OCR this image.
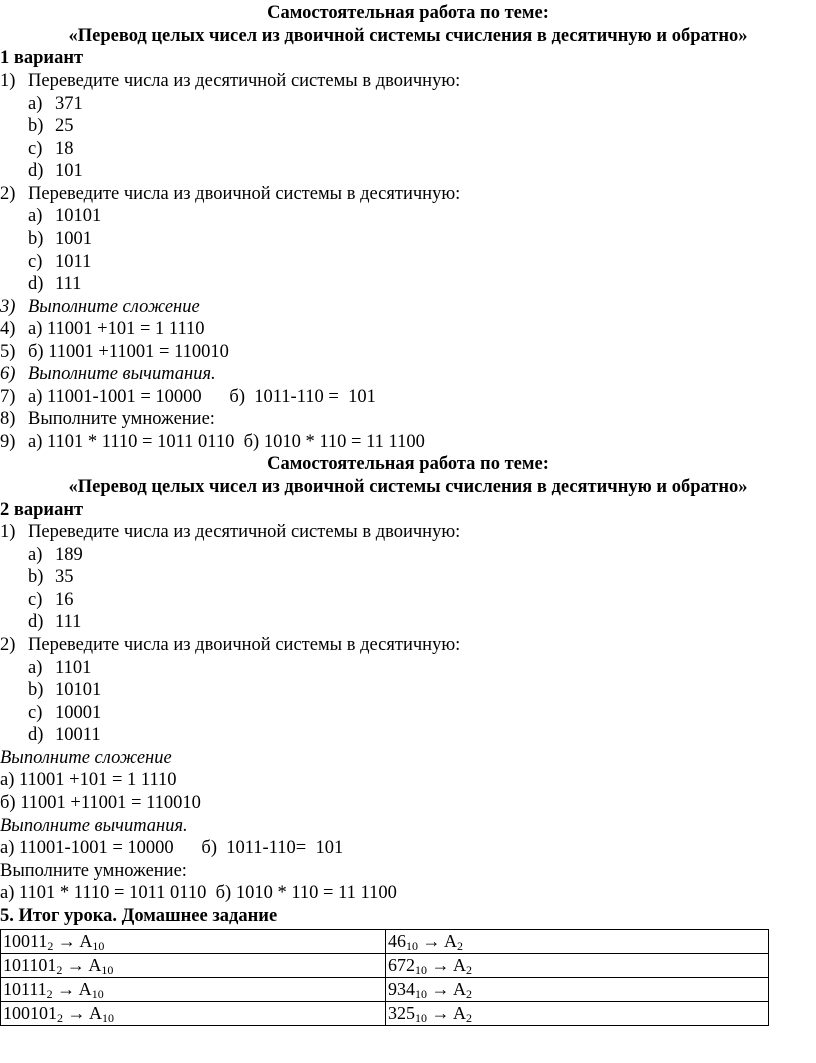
Самостоятельная работа по теме:
«Перевод целых чисел из двоичной системы счисления в десятичную и обратно»
1 вариант
1) Переведите числа из десятичной системы в двоичную:
a) 371
b) 25
c) 18
d) 101
2) Переведите числа из двоичной системы в десятичную:
a) 10101
b) 1001
c) 1011
d) 111
3) Выполните сложение
4) а) 11001 +101 = 1 1110
5) б) 11001 +11001 = 110010
6) Выполните вычитания.
7) а) 11001-1001 = 10000      б)  1011-110 =  101
8) Выполните умножение:
9) а) 1101 * 1110 = 1011 0110  б) 1010 * 110 = 11 1100
Самостоятельная работа по теме:
«Перевод целых чисел из двоичной системы счисления в десятичную и обратно»
2 вариант
1) Переведите числа из десятичной системы в двоичную:
a) 189
b) 35
c) 16
d) 111
2) Переведите числа из двоичной системы в десятичную:
a) 1101
b) 10101
c) 10001
d) 10011
Выполните сложение
а) 11001 +101 = 1 1110
б) 11001 +11001 = 110010
Выполните вычитания.
а) 11001-1001 = 10000      б)  1011-110=  101
Выполните умножение:
а) 1101 * 1110 = 1011 0110  б) 1010 * 110 = 11 1100
5. Итог урока. Домашнее задание
$10011_2 \to A_{10}$	$46_{10} \to A_2$
$101101_2 \to A_{10}$	$672_{10} \to A_2$
$10111_2 \to A_{10}$	$934_{10} \to A_2$
$100101_2 \to A_{10}$	$325_{10} \to A_2$
